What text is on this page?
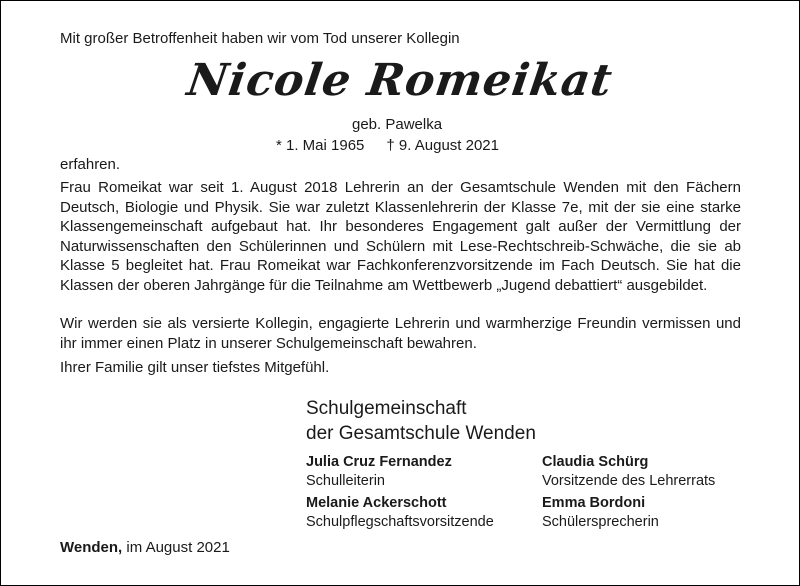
Mit großer Betroffenheit haben wir vom Tod unserer Kollegin
Nicole Romeikat
geb. Pawelka
* 1. Mai 1965 † 9. August 2021
erfahren.
Frau Romeikat war seit 1. August 2018 Lehrerin an der Gesamtschule Wenden mit den Fächern Deutsch, Biologie und Physik. Sie war zuletzt Klassenlehrerin der Klasse 7e, mit der sie eine starke Klassengemeinschaft aufgebaut hat. Ihr besonderes Engagement galt außer der Vermittlung der Naturwissenschaften den Schülerinnen und Schülern mit Lese-Rechtschreib-Schwäche, die sie ab Klasse 5 begleitet hat. Frau Romeikat war Fachkonferenzvorsitzende im Fach Deutsch. Sie hat die Klassen der oberen Jahrgänge für die Teilnahme am Wettbewerb „Jugend debattiert“ ausgebildet.
Wir werden sie als versierte Kollegin, engagierte Lehrerin und warmherzige Freundin vermissen und ihr immer einen Platz in unserer Schulgemeinschaft bewahren.
Ihrer Familie gilt unser tiefstes Mitgefühl.
Schulgemeinschaft
der Gesamtschule Wenden
Julia Cruz Fernandez
Schulleiterin
Claudia Schürg
Vorsitzende des Lehrerrats
Melanie Ackerschott
Schulpflegschaftsvorsitzende
Emma Bordoni
Schülersprecherin
Wenden, im August 2021
